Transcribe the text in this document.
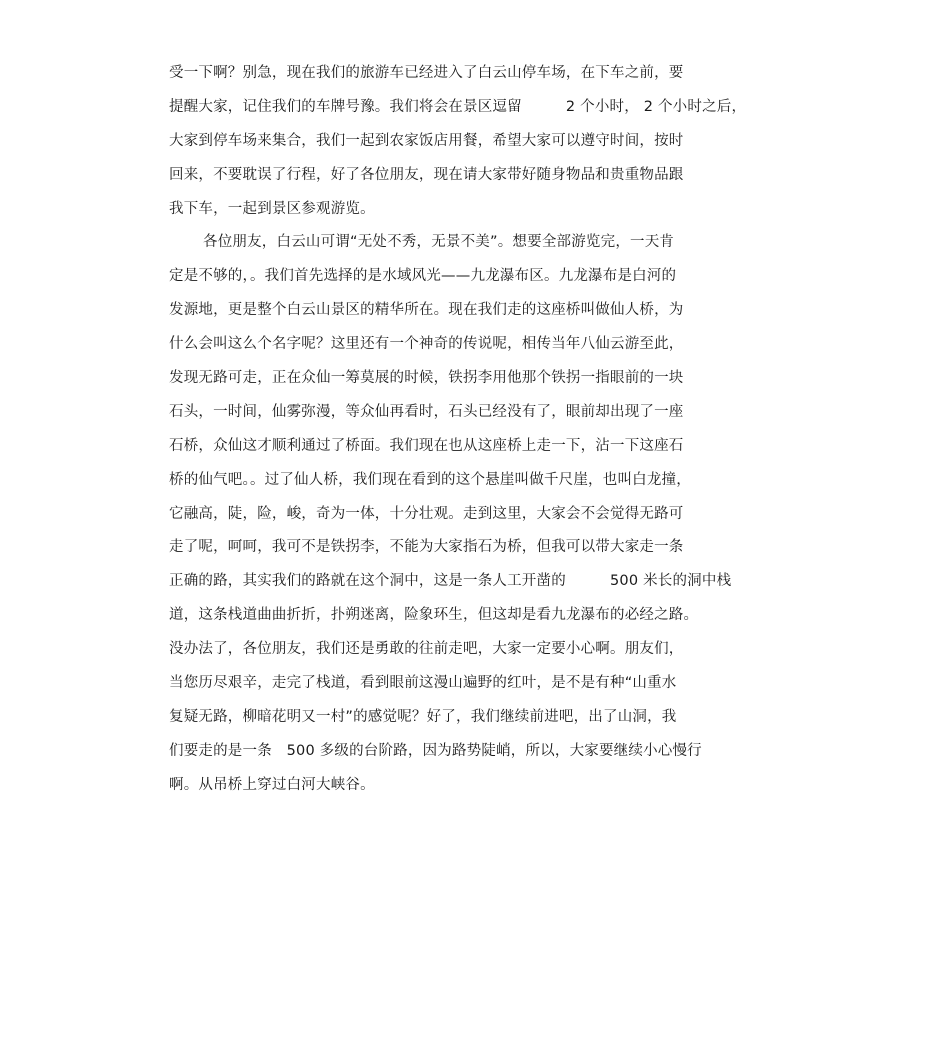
受一下啊？别急，现在我们的旅游车已经进入了白云山停车场，在下车之前，要
提醒大家，记住我们的车牌号豫。我们将会在景区逗留　　　2 个小时， 2 个小时之后，
大家到停车场来集合，我们一起到农家饭店用餐，希望大家可以遵守时间，按时
回来，不要耽误了行程，好了各位朋友，现在请大家带好随身物品和贵重物品跟
我下车，一起到景区参观游览。
各位朋友，白云山可谓“无处不秀，无景不美”。想要全部游览完，一天肯
定是不够的，。我们首先选择的是水域风光——九龙瀑布区。九龙瀑布是白河的
发源地，更是整个白云山景区的精华所在。现在我们走的这座桥叫做仙人桥，为
什么会叫这么个名字呢？这里还有一个神奇的传说呢，相传当年八仙云游至此，
发现无路可走，正在众仙一筹莫展的时候，铁拐李用他那个铁拐一指眼前的一块
石头，一时间，仙雾弥漫，等众仙再看时，石头已经没有了，眼前却出现了一座
石桥，众仙这才顺利通过了桥面。我们现在也从这座桥上走一下，沾一下这座石
桥的仙气吧。。过了仙人桥，我们现在看到的这个悬崖叫做千尺崖，也叫白龙撞，
它融高，陡，险，峻，奇为一体，十分壮观。走到这里，大家会不会觉得无路可
走了呢，呵呵，我可不是铁拐李，不能为大家指石为桥，但我可以带大家走一条
正确的路，其实我们的路就在这个洞中，这是一条人工开凿的　　　500 米长的洞中栈
道，这条栈道曲曲折折，扑朔迷离，险象环生，但这却是看九龙瀑布的必经之路。
没办法了，各位朋友，我们还是勇敢的往前走吧，大家一定要小心啊。朋友们，
当您历尽艰辛，走完了栈道，看到眼前这漫山遍野的红叶，是不是有种“山重水
复疑无路，柳暗花明又一村”的感觉呢？好了，我们继续前进吧，出了山洞，我
们要走的是一条　500 多级的台阶路，因为路势陡峭，所以，大家要继续小心慢行
啊。从吊桥上穿过白河大峡谷。
